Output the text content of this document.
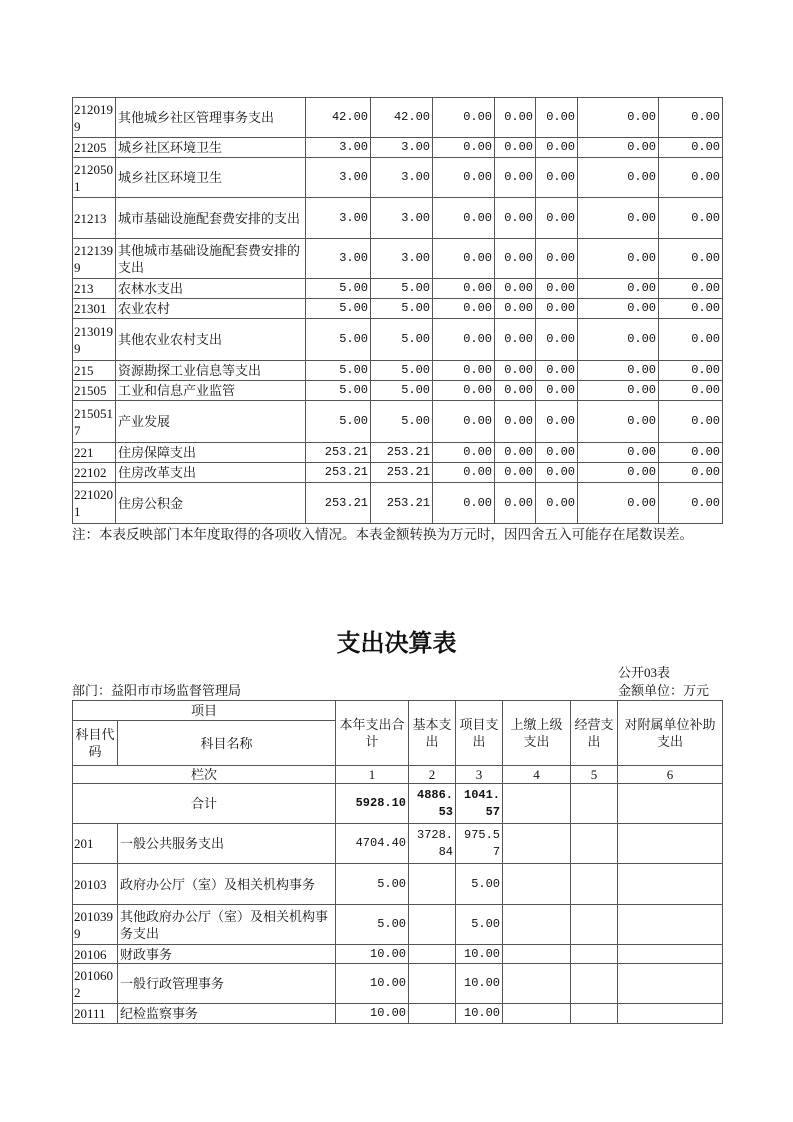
2120199	其他城乡社区管理事务支出	42.00	42.00	0.00	0.00	0.00	0.00	0.00
21205	城乡社区环境卫生	3.00	3.00	0.00	0.00	0.00	0.00	0.00
2120501	城乡社区环境卫生	3.00	3.00	0.00	0.00	0.00	0.00	0.00
21213	城市基础设施配套费安排的支出	3.00	3.00	0.00	0.00	0.00	0.00	0.00
2121399	其他城市基础设施配套费安排的支出	3.00	3.00	0.00	0.00	0.00	0.00	0.00
213	农林水支出	5.00	5.00	0.00	0.00	0.00	0.00	0.00
21301	农业农村	5.00	5.00	0.00	0.00	0.00	0.00	0.00
2130199	其他农业农村支出	5.00	5.00	0.00	0.00	0.00	0.00	0.00
215	资源勘探工业信息等支出	5.00	5.00	0.00	0.00	0.00	0.00	0.00
21505	工业和信息产业监管	5.00	5.00	0.00	0.00	0.00	0.00	0.00
2150517	产业发展	5.00	5.00	0.00	0.00	0.00	0.00	0.00
221	住房保障支出	253.21	253.21	0.00	0.00	0.00	0.00	0.00
22102	住房改革支出	253.21	253.21	0.00	0.00	0.00	0.00	0.00
2210201	住房公积金	253.21	253.21	0.00	0.00	0.00	0.00	0.00
注：本表反映部门本年度取得的各项收入情况。本表金额转换为万元时，因四舍五入可能存在尾数误差。
支出决算表
公开03表
部门：益阳市市场监督管理局	金额单位：万元
项目		本年支出合计	基本支出	项目支出	上缴上级支出	经营支出	对附属单位补助支出
科目代码	科目名称						
栏次		1	2	3	4	5	6
合计		5928.10	4886.53	1041.57			
201	一般公共服务支出	4704.40	3728.84	975.57			
20103	政府办公厅（室）及相关机构事务	5.00		5.00			
2010399	其他政府办公厅（室）及相关机构事务支出	5.00		5.00			
20106	财政事务	10.00		10.00			
2010602	一般行政管理事务	10.00		10.00			
20111	纪检监察事务	10.00		10.00			
